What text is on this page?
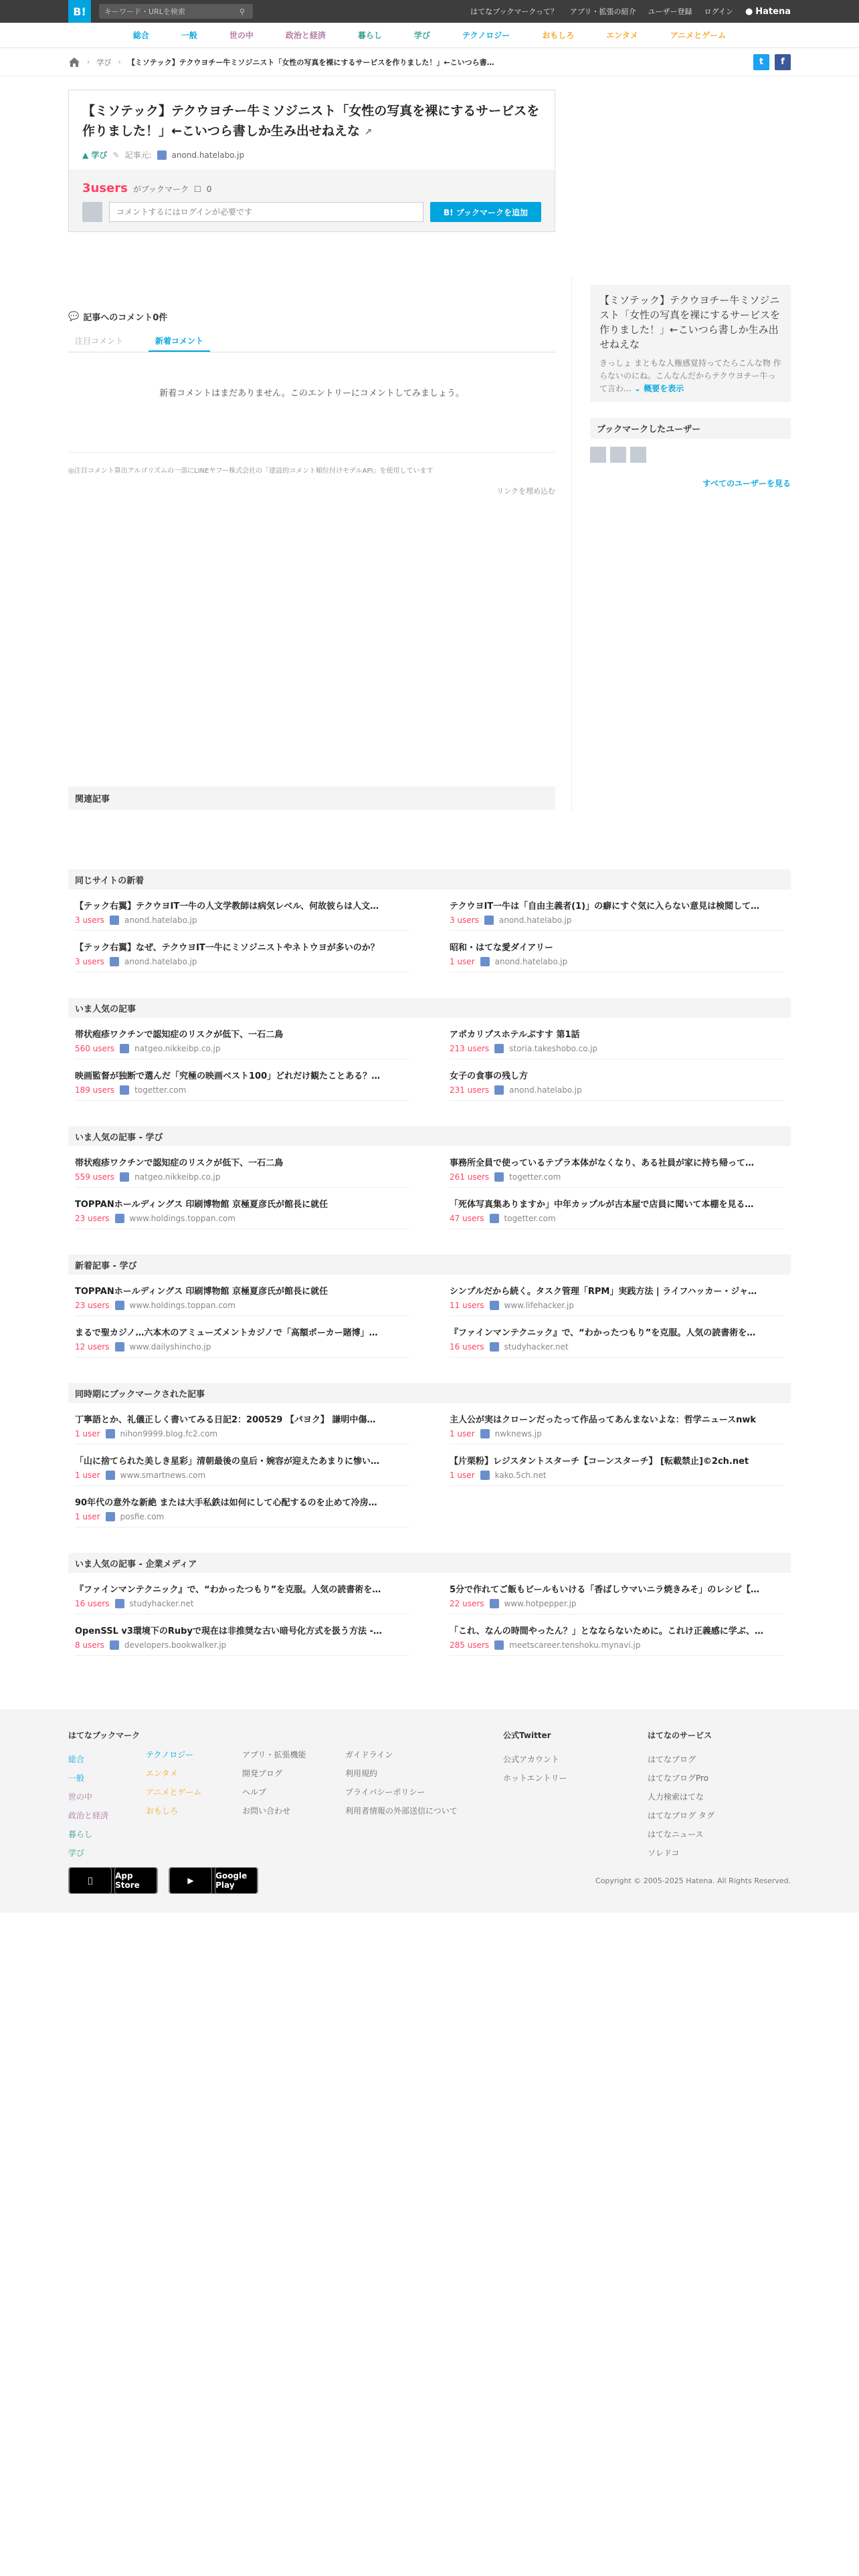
B!
キーワード・URLを検索	⚲	はてなブックマークって？ アプリ・拡張の紹介 ユーザー登録 ログイン ● Hatena
総合	一般	世の中	政治と経済	暮らし	学び	テクノロジー	おもしろ	エンタメ	アニメとゲーム
› 学び › 【ミソテック】テクウヨチー牛ミソジニスト「女性の写真を裸にするサービスを作りました！」←こいつら書…	t	f
【ミソテック】テクウヨチー牛ミソジニスト「女性の写真を裸にするサービスを作りました！」←こいつら書しか生み出せねえな ↗
▲ 学び ✎ 記事元:	anond.hatelabo.jp
3users がブックマーク ☐ 0
コメントするにはログインが必要です
B! ブックマークを追加
💬 記事へのコメント0件
注目コメント	新着コメント
新着コメントはまだありません。このエントリーにコメントしてみましょう。
◎注目コメント算出アルゴリズムの一部にLINEヤフー株式会社の「建設的コメント順位付けモデルAPI」を使用しています
リンクを埋め込む
【ミソテック】テクウヨチー牛ミソジニスト「女性の写真を裸にするサービスを作りました！」←こいつら書しか生み出せねえな
きっしょ まともな人権感覚持ってたらこんな物 作らないのにね。こんなんだからテクウヨチー牛って言わ… ⌄ 概要を表示
ブックマークしたユーザー
すべてのユーザーを見る
関連記事
同じサイトの新着
【テック右翼】テクウヨIT一牛の人文学教師は病気レベル、何故彼らは人文…
3 users	anond.hatelabo.jp
テクウヨIT一牛は「自由主義者(1)」の癖にすぐ気に入らない意見は検閲して…
3 users	anond.hatelabo.jp
【テック右翼】なぜ、テクウヨIT一牛にミソジニストやネトウヨが多いのか？
3 users	anond.hatelabo.jp
昭和・はてな愛ダイアリー
1 user	anond.hatelabo.jp
いま人気の記事
帯状疱疹ワクチンで認知症のリスクが低下、一石二鳥
560 users	natgeo.nikkeibp.co.jp
アポカリプスホテルぷすす 第1話
213 users	storia.takeshobo.co.jp
映画監督が独断で選んだ「究極の映画ベスト100」どれだけ観たことある？…
189 users	togetter.com
女子の食事の残し方
231 users	anond.hatelabo.jp
いま人気の記事 - 学び
帯状疱疹ワクチンで認知症のリスクが低下、一石二鳥
559 users	natgeo.nikkeibp.co.jp
事務所全員で使っているテプラ本体がなくなり、ある社員が家に持ち帰って…
261 users	togetter.com
TOPPANホールディングス 印刷博物館 京極夏彦氏が館長に就任
23 users	www.holdings.toppan.com
「死体写真集ありますか」中年カップルが古本屋で店員に聞いて本棚を見る…
47 users	togetter.com
新着記事 - 学び
TOPPANホールディングス 印刷博物館 京極夏彦氏が館長に就任
23 users	www.holdings.toppan.com
シンプルだから続く。タスク管理「RPM」実践方法 | ライフハッカー・ジャ…
11 users	www.lifehacker.jp
まるで聖カジノ…六本木のアミューズメントカジノで「高額ポーカー賭博」…
12 users	www.dailyshincho.jp
『ファインマンテクニック』で、“わかったつもり”を克服。人気の読書術を…
16 users	studyhacker.net
同時期にブックマークされた記事
丁寧語とか、礼儀正しく書いてみる日記2：200529 【パヨク】 謙明中傷…
1 user	nihon9999.blog.fc2.com
主人公が実はクローンだったって作品ってあんまないよな：哲学ニュースnwk
1 user	nwknews.jp
「山に捨てられた美しき星彩」清朝最後の皇后・婉容が迎えたあまりに惨い…
1 user	www.smartnews.com
【片栗粉】レジスタントスターチ【コーンスターチ】 [転載禁止]©2ch.net
1 user	kako.5ch.net
90年代の意外な新絶 または大手私鉄は如何にして心配するのを止めて冷房…
1 user	posfie.com
いま人気の記事 - 企業メディア
『ファインマンテクニック』で、“わかったつもり”を克服。人気の読書術を…
16 users	studyhacker.net
5分で作れてご飯もビールもいける「香ばしウマいニラ焼きみそ」のレシピ【…
22 users	www.hotpepper.jp
OpenSSL v3環境下のRubyで現在は非推奨な古い暗号化方式を扱う方法 -…
8 users	developers.bookwalker.jp
「これ、なんの時間やったん？」となならないために。これけ正義感に学ぶ、…
285 users	meetscareer.tenshoku.mynavi.jp
はてなブックマーク
総合
一般
世の中
政治と経済
暮らし
学び
テクノロジー
エンタメ
アニメとゲーム
おもしろ
アプリ・拡張機能
開発ブログ
ヘルプ
お問い合わせ
ガイドライン
利用規約
プライバシーポリシー
利用者情報の外部送信について
公式Twitter
公式アカウント
ホットエントリー
はてなのサービス
はてなブログ
はてなブログPro
人力検索はてな
はてなブログ タグ
はてなニュース
ソレドコ

App Store	▶
	Google Play	Copyright © 2005-2025 Hatena. All Rights Reserved.
